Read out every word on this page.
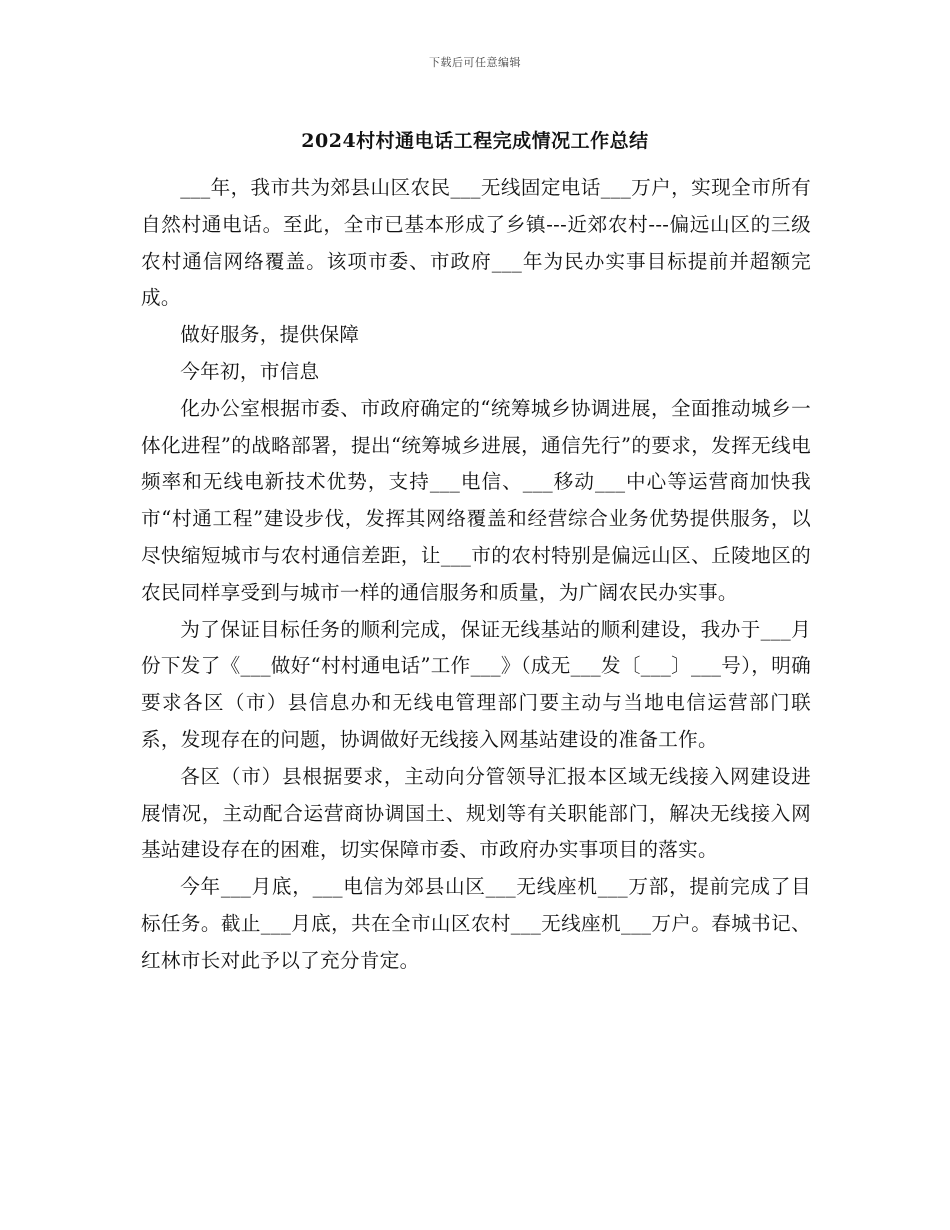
下载后可任意编辑
2024村村通电话工程完成情况工作总结

___年，我市共为郊县山区农民___无线固定电话___万户，实现全市所有自然村通电话。至此，全市已基本形成了乡镇---近郊农村---偏远山区的三级农村通信网络覆盖。该项市委、市政府___年为民办实事目标提前并超额完成。

做好服务，提供保障

今年初，市信息

化办公室根据市委、市政府确定的“统筹城乡协调进展，全面推动城乡一体化进程”的战略部署，提出“统筹城乡进展，通信先行”的要求，发挥无线电频率和无线电新技术优势，支持___电信、___移动___中心等运营商加快我市“村通工程”建设步伐，发挥其网络覆盖和经营综合业务优势提供服务，以尽快缩短城市与农村通信差距，让___市的农村特别是偏远山区、丘陵地区的农民同样享受到与城市一样的通信服务和质量，为广阔农民办实事。

为了保证目标任务的顺利完成，保证无线基站的顺利建设，我办于___月份下发了《___做好“村村通电话”工作___》（成无___发〔___〕___号），明确要求各区（市）县信息办和无线电管理部门要主动与当地电信运营部门联系，发现存在的问题，协调做好无线接入网基站建设的准备工作。

各区（市）县根据要求，主动向分管领导汇报本区域无线接入网建设进展情况，主动配合运营商协调国土、规划等有关职能部门，解决无线接入网基站建设存在的困难，切实保障市委、市政府办实事项目的落实。

今年___月底，___电信为郊县山区___无线座机___万部，提前完成了目标任务。截止___月底，共在全市山区农村___无线座机___万户。春城书记、红林市长对此予以了充分肯定。
